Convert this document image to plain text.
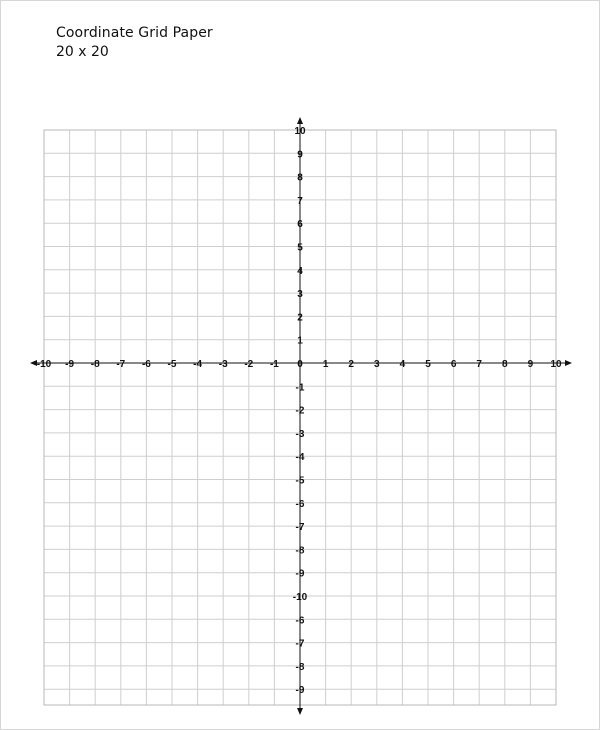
Coordinate Grid Paper
20 x 20
-10 -9 -8 -7 -6 -5 -4 -3 -2 -1 0 1 2 3 4 5 6 7 8 9 10
10
9
8
7
6
5
4
3
2
1
-1
-2
-3
-4
-5
-6
-7
-8
-9
-10
-6
-7
-8
-9
